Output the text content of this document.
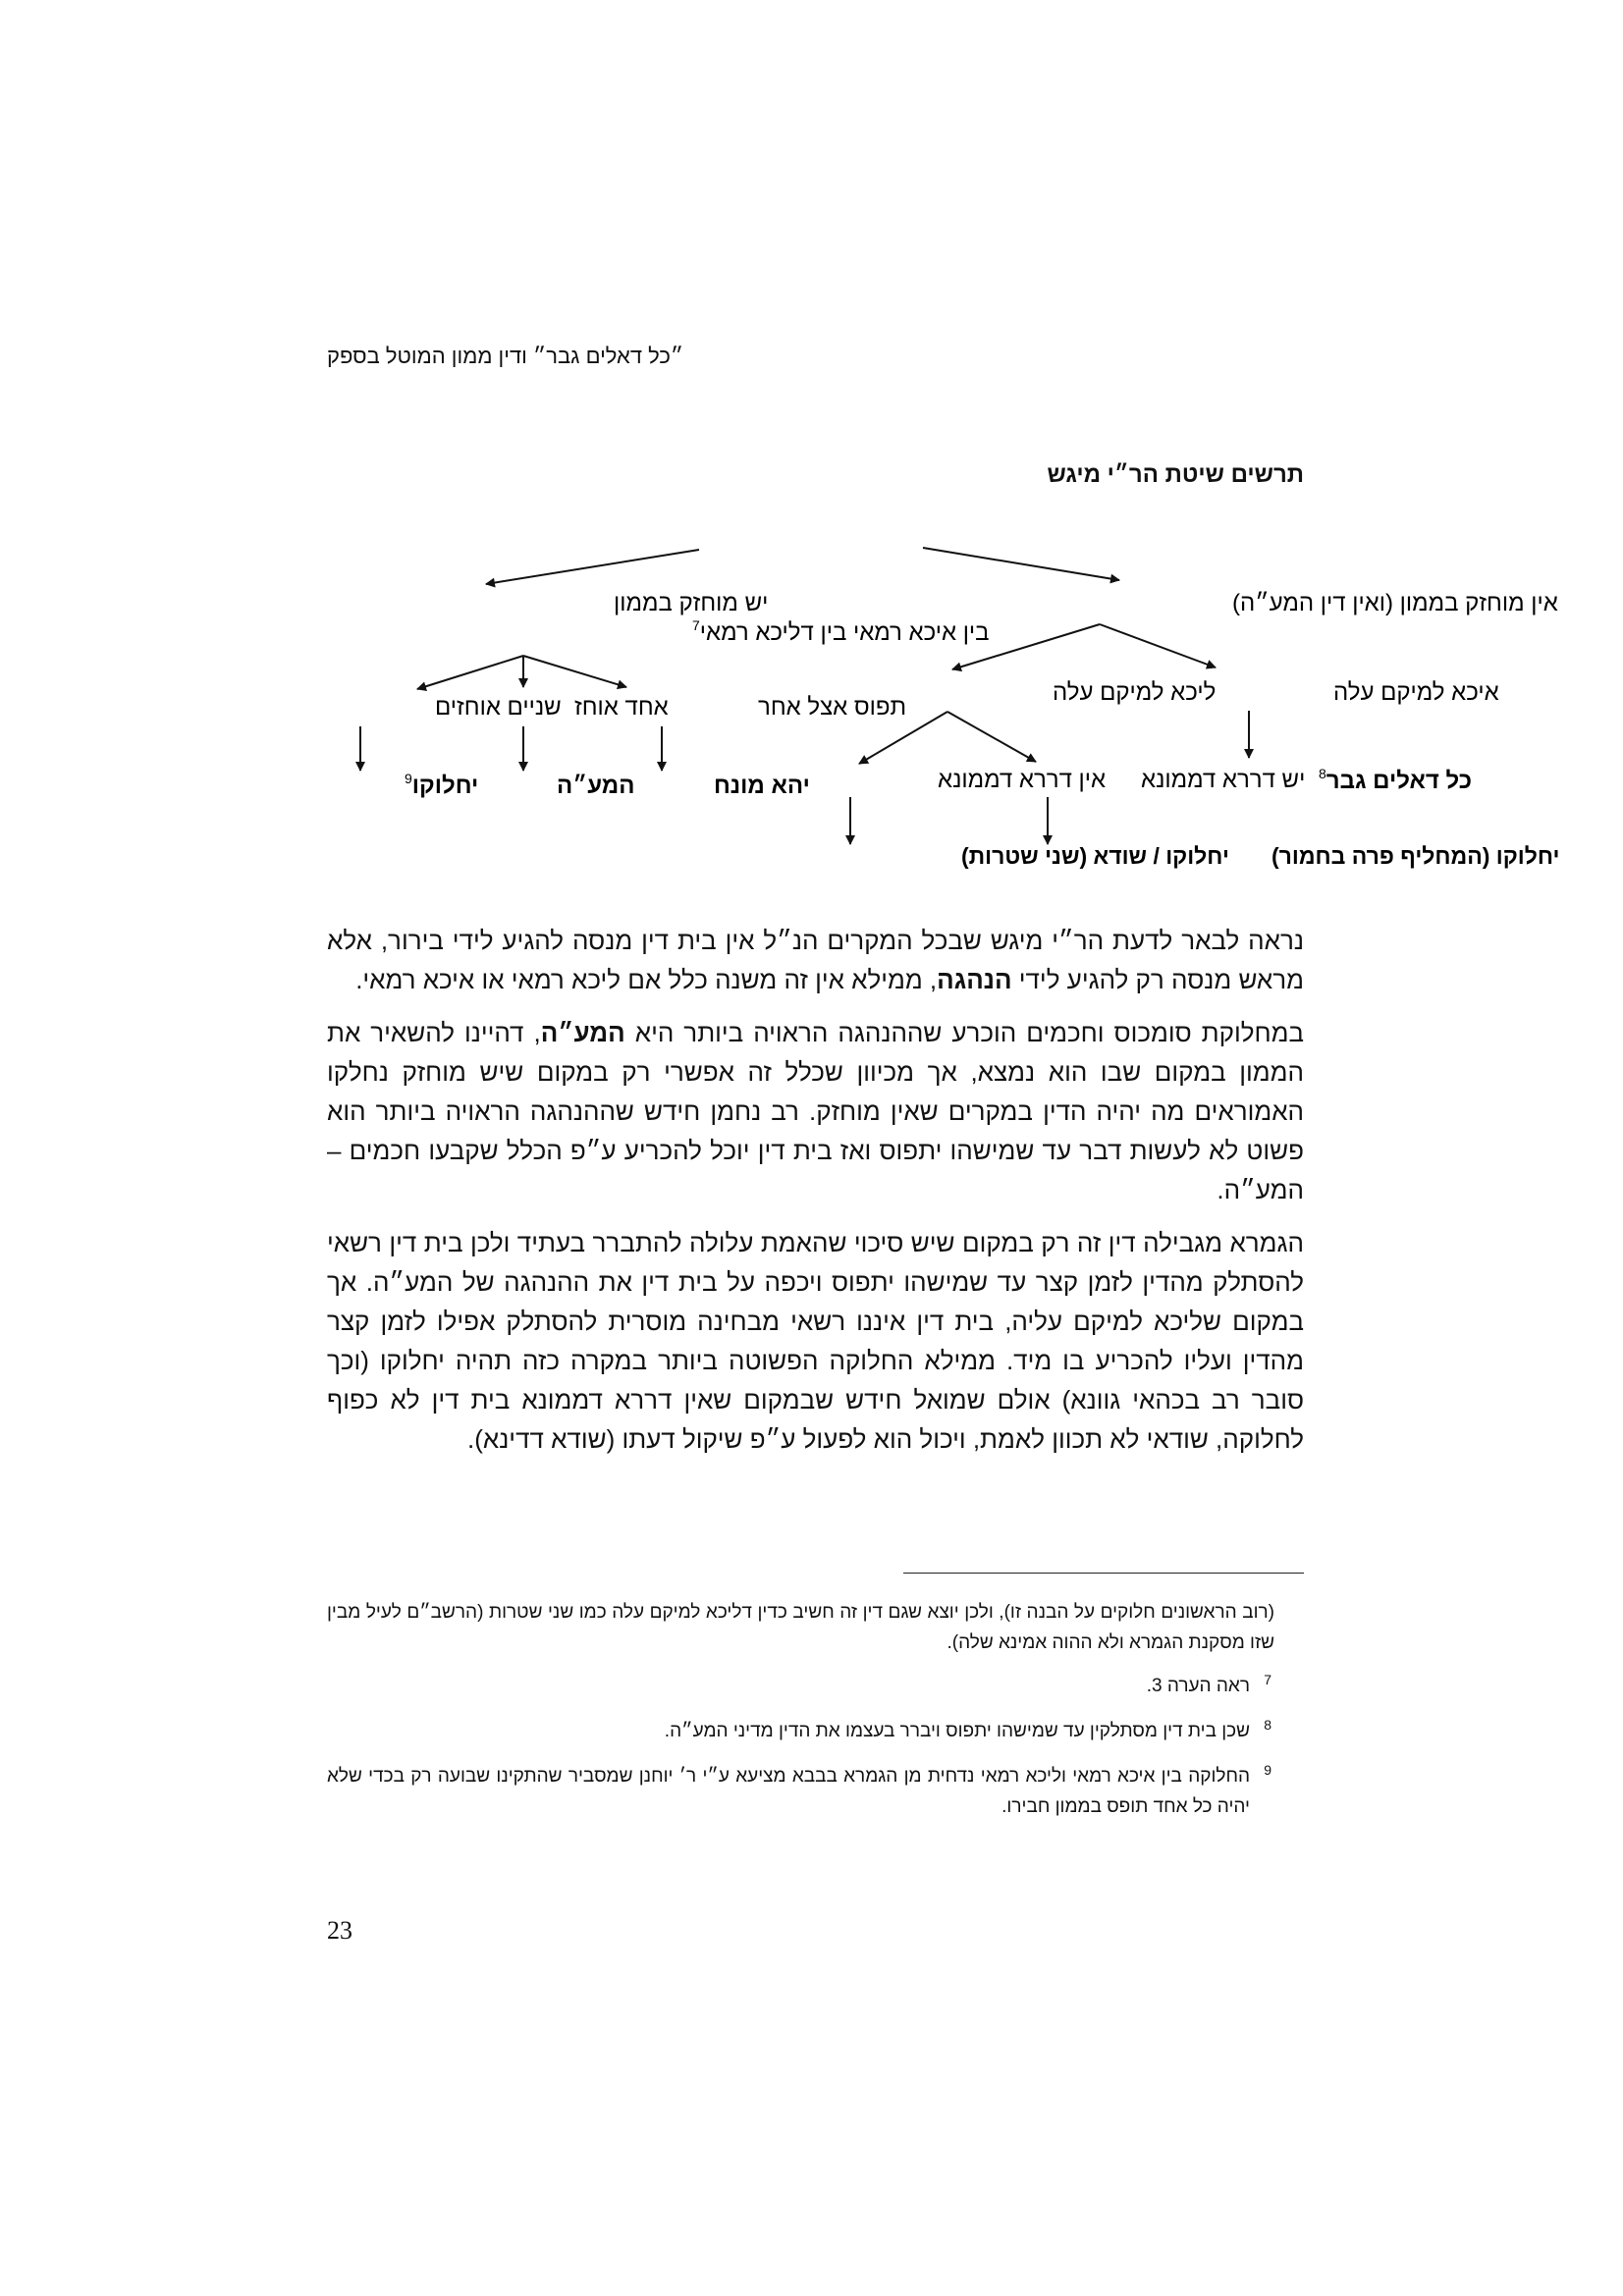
״כל דאלים גבר״ ודין ממון המוטל בספק
תרשים שיטת הר״י מיגש
אין מוחזק בממון (ואין דין המע״ה)
איכא למיקם עלה
ליכא למיקם עלה
כל דאלים גבר$^8$
יש דררא דממונא
אין דררא דממונא
יחלוקו (המחליף פרה בחמור)
יחלוקו / שודא (שני שטרות)
יש מוחזק בממון
בין איכא רמאי בין דליכא רמאי$^7$
תפוס אצל אחר
אחד אוחז
שניים אוחזים
יהא מונח
המע״ה
יחלוקו$^9$

נראה לבאר לדעת הר״י מיגש שבכל המקרים הנ״ל אין בית דין מנסה להגיע לידי בירור, אלא מראש מנסה רק להגיע לידי הנהגה, ממילא אין זה משנה כלל אם ליכא רמאי או איכא רמאי.

במחלוקת סומכוס וחכמים הוכרע שההנהגה הראויה ביותר היא המע״ה, דהיינו להשאיר את הממון במקום שבו הוא נמצא, אך מכיוון שכלל זה אפשרי רק במקום שיש מוחזק נחלקו האמוראים מה יהיה הדין במקרים שאין מוחזק. רב נחמן חידש שההנהגה הראויה ביותר הוא פשוט לא לעשות דבר עד שמישהו יתפוס ואז בית דין יוכל להכריע ע״פ הכלל שקבעו חכמים – המע״ה.

הגמרא מגבילה דין זה רק במקום שיש סיכוי שהאמת עלולה להתברר בעתיד ולכן בית דין רשאי להסתלק מהדין לזמן קצר עד שמישהו יתפוס ויכפה על בית דין את ההנהגה של המע״ה. אך במקום שליכא למיקם עליה, בית דין איננו רשאי מבחינה מוסרית להסתלק אפילו לזמן קצר מהדין ועליו להכריע בו מיד. ממילא החלוקה הפשוטה ביותר במקרה כזה תהיה יחלוקו (וכך סובר רב בכהאי גוונא) אולם שמואל חידש שבמקום שאין דררא דממונא בית דין לא כפוף לחלוקה, שודאי לא תכוון לאמת, ויכול הוא לפעול ע״פ שיקול דעתו (שודא דדינא).

(רוב הראשונים חלוקים על הבנה זו), ולכן יוצא שגם דין זה חשיב כדין דליכא למיקם עלה כמו שני שטרות (הרשב״ם לעיל מבין שזו מסקנת הגמרא ולא ההוה אמינא שלה).
7
ראה הערה 3.
8
שכן בית דין מסתלקין עד שמישהו יתפוס ויברר בעצמו את הדין מדיני המע״ה.
9
החלוקה בין איכא רמאי וליכא רמאי נדחית מן הגמרא בבבא מציעא ע״י ר׳ יוחנן שמסביר שהתקינו שבועה רק בכדי שלא יהיה כל אחד תופס בממון חבירו.
23
